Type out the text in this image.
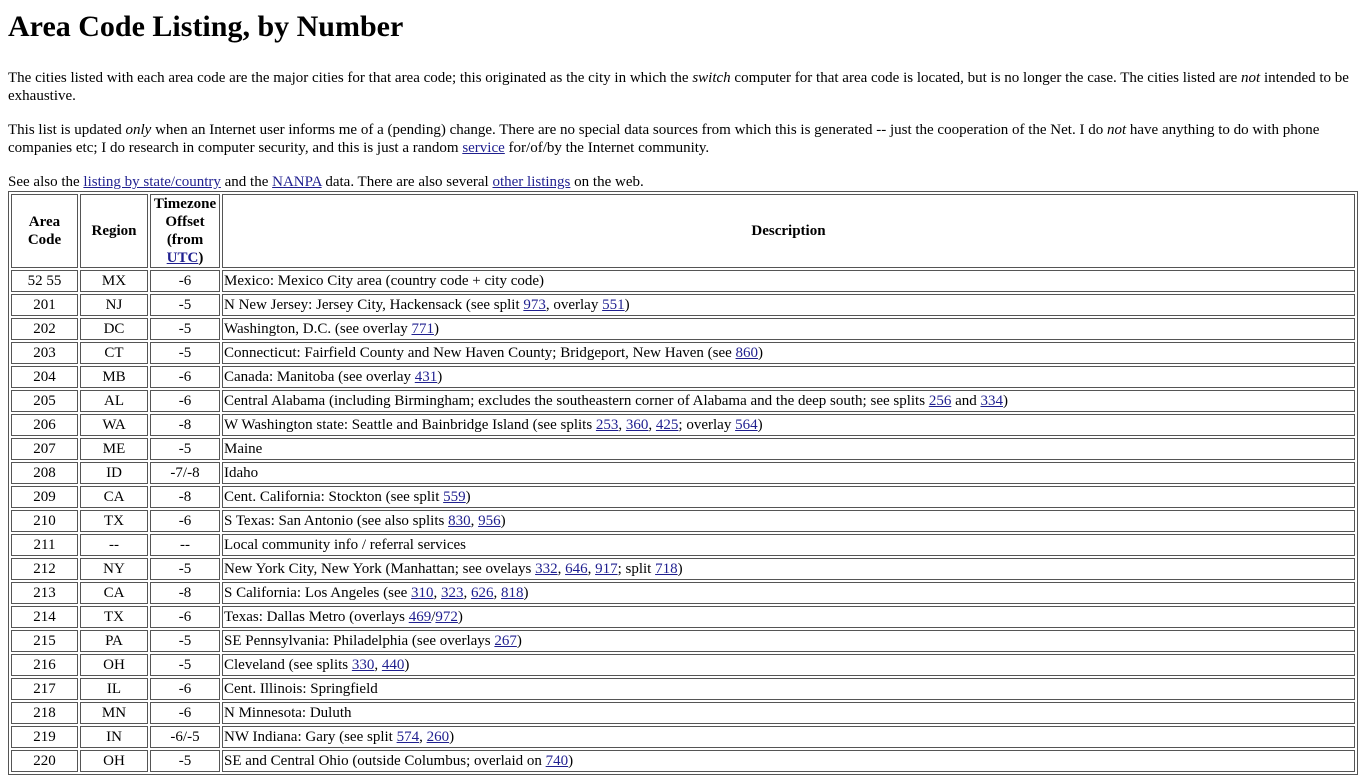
Area Code Listing, by Number

The cities listed with each area code are the major cities for that area code; this originated as the city in which the switch computer for that area code is located, but is no longer the case. The cities listed are not intended to be exhaustive.

This list is updated only when an Internet user informs me of a (pending) change. There are no special data sources from which this is generated -- just the cooperation of the Net. I do not have anything to do with phone companies etc; I do research in computer security, and this is just a random service for/of/by the Internet community.

See also the listing by state/country and the NANPA data. There are also several other listings on the web.

Area
Code	Region	Timezone
Offset
(from
UTC)	Description
52 55	MX	-6	Mexico: Mexico City area (country code + city code)
201	NJ	-5	N New Jersey: Jersey City, Hackensack (see split 973, overlay 551)
202	DC	-5	Washington, D.C. (see overlay 771)
203	CT	-5	Connecticut: Fairfield County and New Haven County; Bridgeport, New Haven (see 860)
204	MB	-6	Canada: Manitoba (see overlay 431)
205	AL	-6	Central Alabama (including Birmingham; excludes the southeastern corner of Alabama and the deep south; see splits 256 and 334)
206	WA	-8	W Washington state: Seattle and Bainbridge Island (see splits 253, 360, 425; overlay 564)
207	ME	-5	Maine
208	ID	-7/-8	Idaho
209	CA	-8	Cent. California: Stockton (see split 559)
210	TX	-6	S Texas: San Antonio (see also splits 830, 956)
211	--	--	Local community info / referral services
212	NY	-5	New York City, New York (Manhattan; see ovelays 332, 646, 917; split 718)
213	CA	-8	S California: Los Angeles (see 310, 323, 626, 818)
214	TX	-6	Texas: Dallas Metro (overlays 469/972)
215	PA	-5	SE Pennsylvania: Philadelphia (see overlays 267)
216	OH	-5	Cleveland (see splits 330, 440)
217	IL	-6	Cent. Illinois: Springfield
218	MN	-6	N Minnesota: Duluth
219	IN	-6/-5	NW Indiana: Gary (see split 574, 260)
220	OH	-5	SE and Central Ohio (outside Columbus; overlaid on 740)
